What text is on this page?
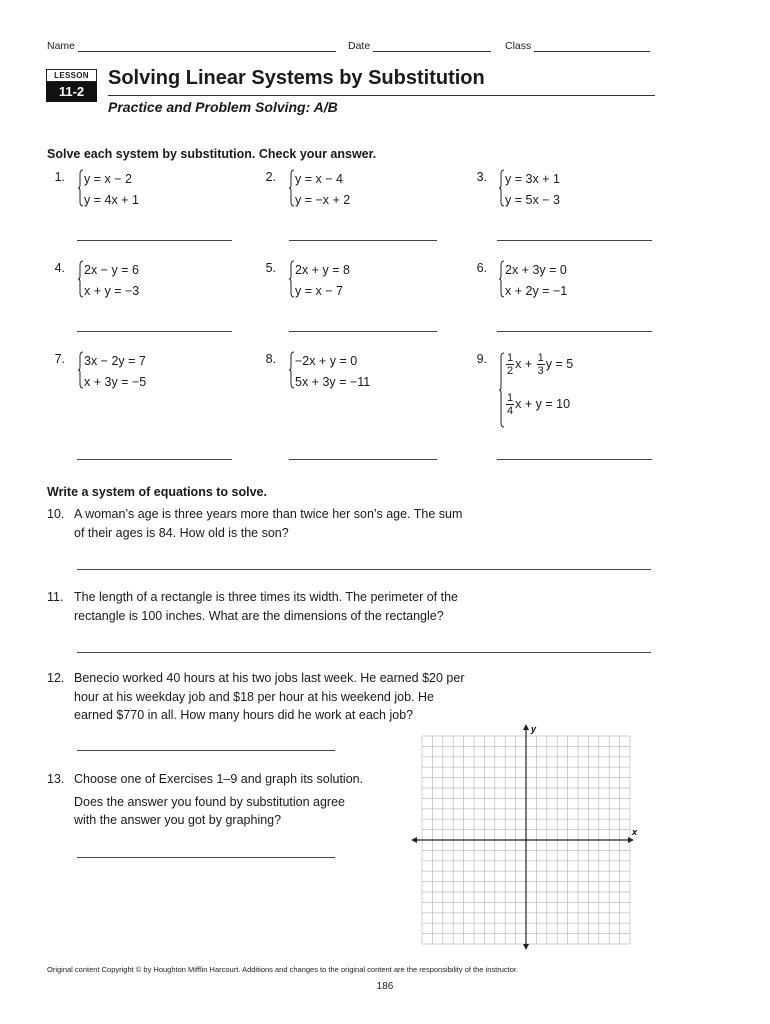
Name	Date	Class
LESSON
11-2
Solving Linear Systems by Substitution
Practice and Problem Solving: A/B
Solve each system by substitution. Check your answer.
1. y = x − 2
y = 4x + 1
2. y = x − 4
y = −x + 2
3. y = 3x + 1
y = 5x − 3
4. 2x − y = 6
x + y = −3
5. 2x + y = 8
y = x − 7
6. 2x + 3y = 0
x + 2y = −1
7. 3x − 2y = 7
x + 3y = −5
8. −2x + y = 0
5x + 3y = −11
9. $\frac{1}{2}$ $x + \frac{1}{3}$ y = 5
$\frac{1}{4}$ x + y = 10
Write a system of equations to solve.
10. A woman’s age is three years more than twice her son’s age. The sum
of their ages is 84. How old is the son?
11. The length of a rectangle is three times its width. The perimeter of the
rectangle is 100 inches. What are the dimensions of the rectangle?
12. Benecio worked 40 hours at his two jobs last week. He earned $20 per
hour at his weekday job and $18 per hour at his weekend job. He
earned $770 in all. How many hours did he work at each job?
13. Choose one of Exercises 1–9 and graph its solution.
Does the answer you found by substitution agree
with the answer you got by graphing?
y
x
Original content Copyright © by Houghton Mifflin Harcourt. Additions and changes to the original content are the responsibility of the instructor.
186
